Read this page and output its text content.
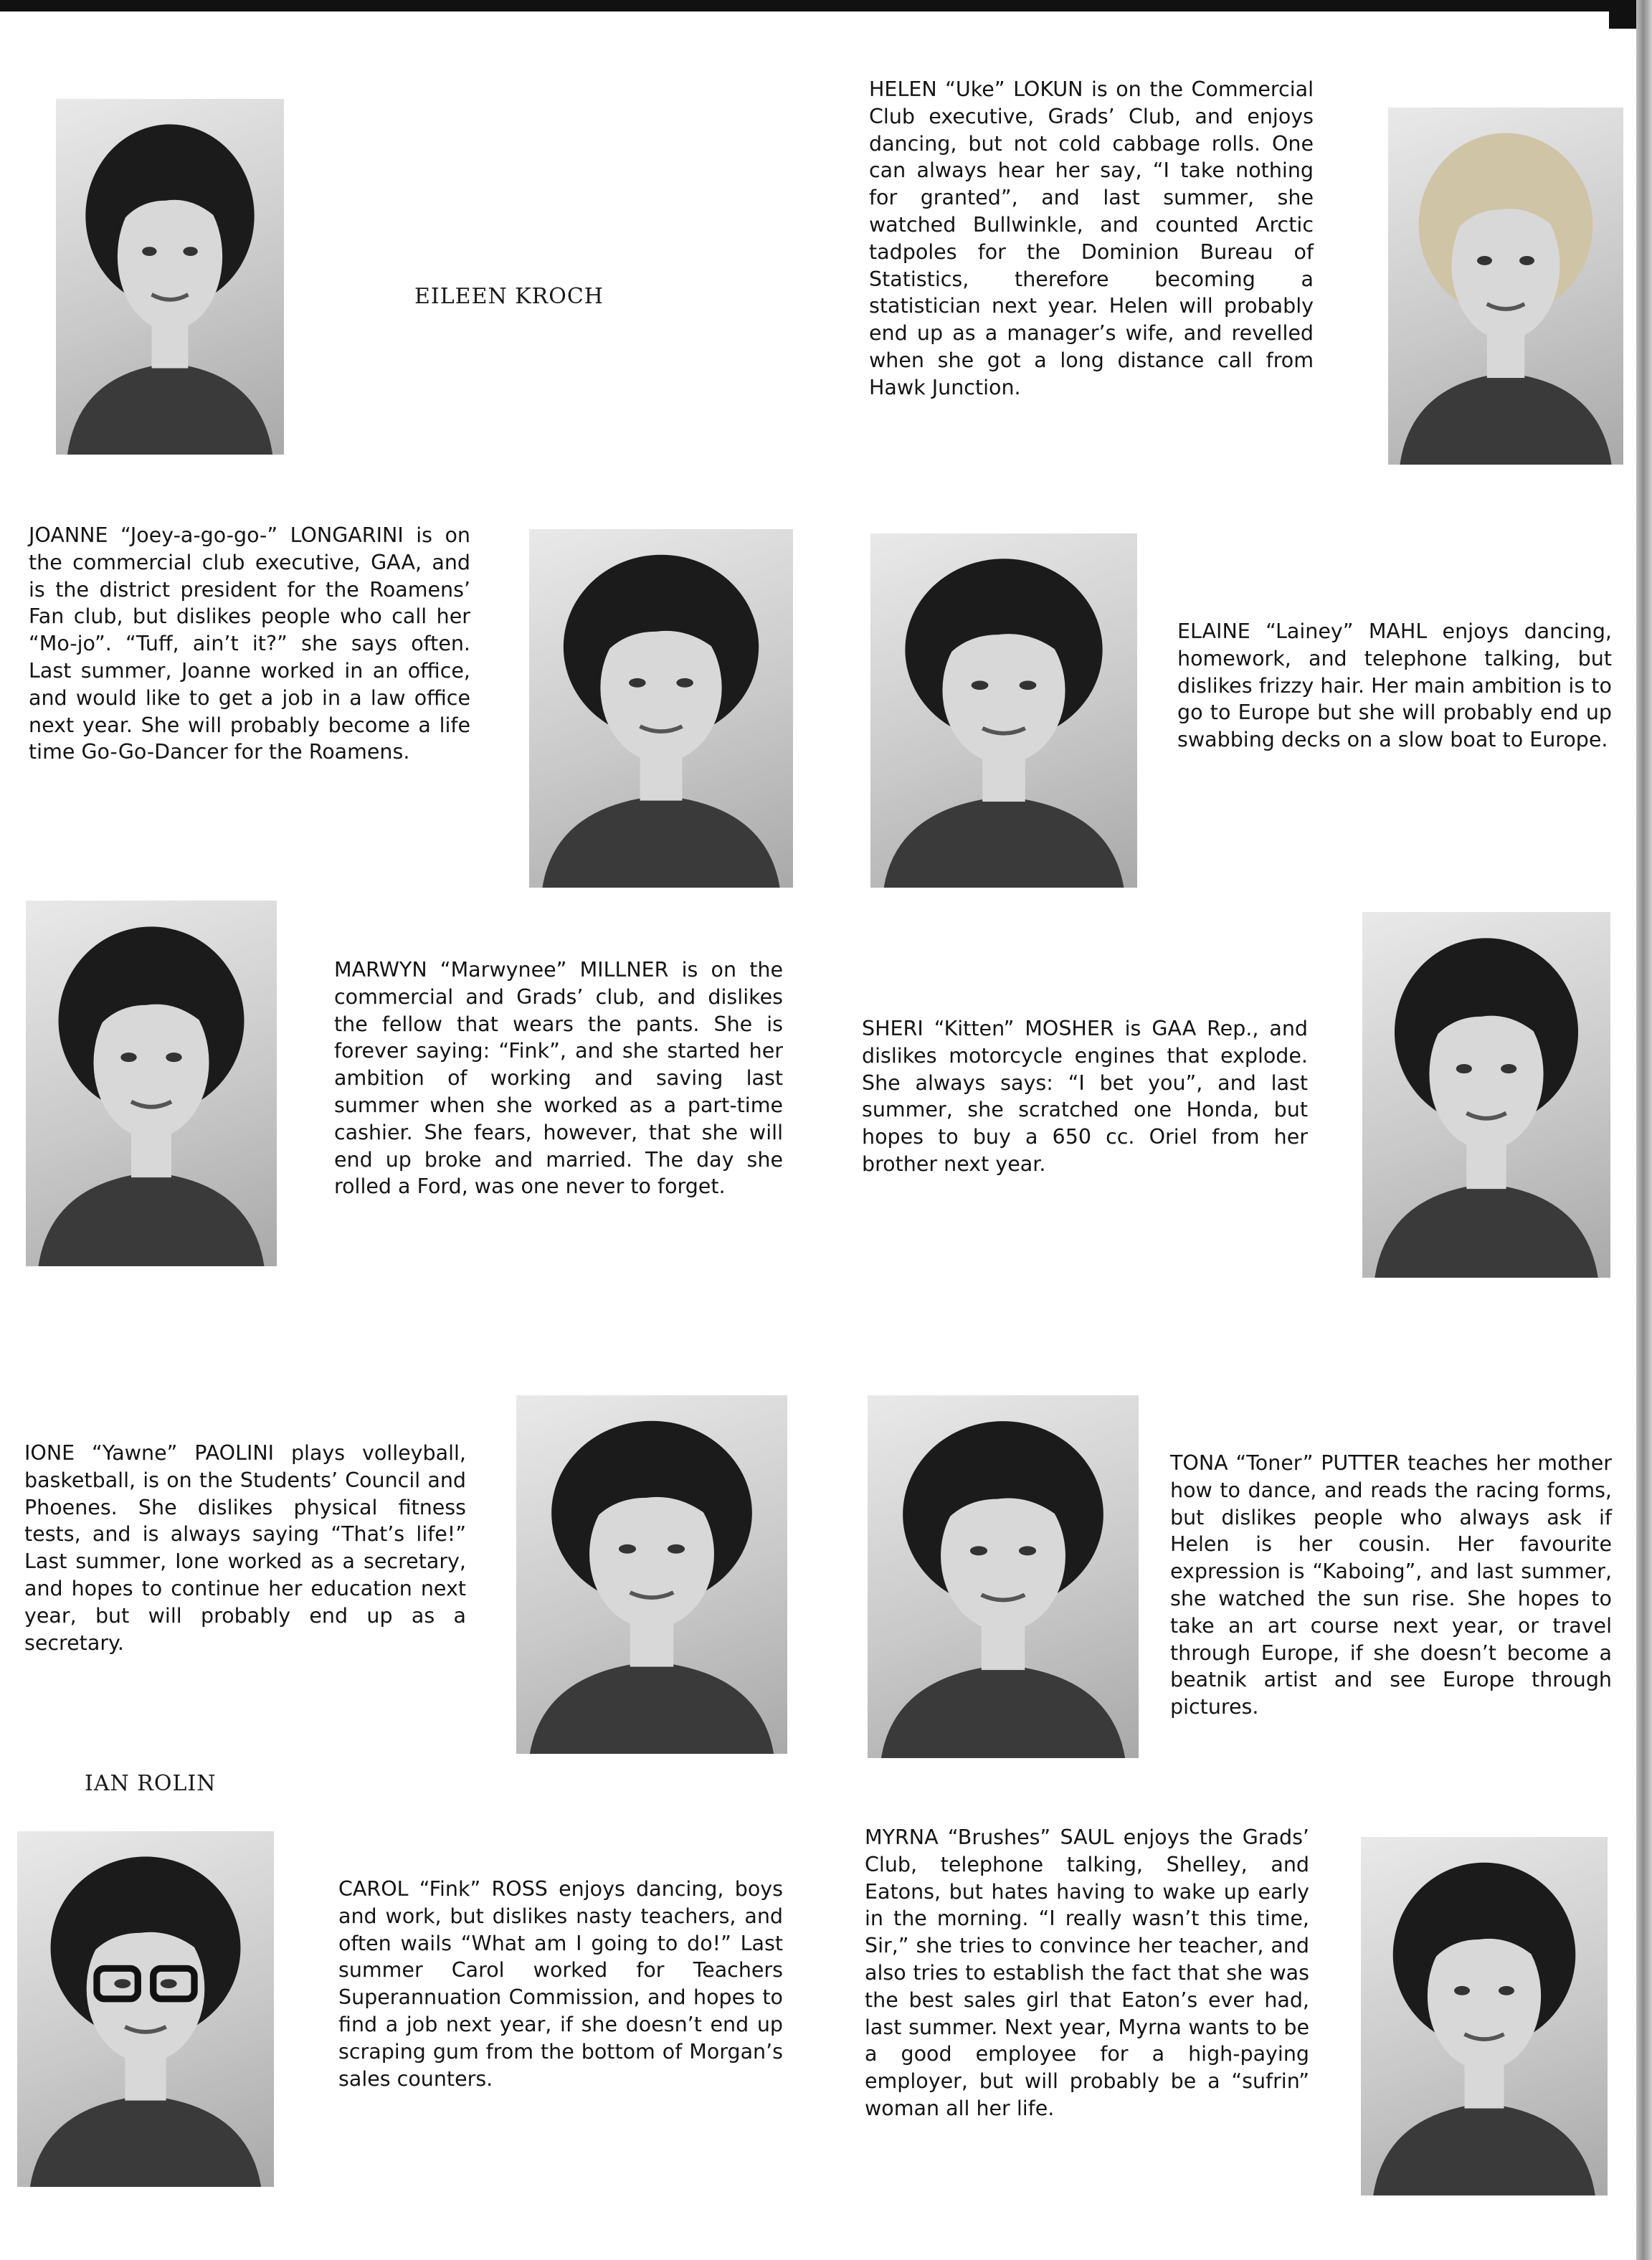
EILEEN KROCH
HELEN “Uke” LOKUN is on the Commercial Club executive, Grads’ Club, and enjoys dancing, but not cold cabbage rolls. One can always hear her say, “I take nothing for granted”, and last summer, she watched Bullwinkle, and counted Arctic tadpoles for the Dominion Bureau of Statistics, therefore becoming a statistician next year. Helen will probably end up as a manager’s wife, and revelled when she got a long distance call from Hawk Junction.
JOANNE “Joey-a-go-go-” LONGARINI is on the commercial club executive, GAA, and is the district president for the Roamens’ Fan club, but dislikes people who call her “Mo-jo”. “Tuff, ain’t it?” she says often. Last summer, Joanne worked in an office, and would like to get a job in a law office next year. She will probably become a life time Go-Go-Dancer for the Roamens.
ELAINE “Lainey” MAHL enjoys dancing, homework, and telephone talking, but dislikes frizzy hair. Her main ambition is to go to Europe but she will probably end up swabbing decks on a slow boat to Europe.
MARWYN “Marwynee” MILLNER is on the commercial and Grads’ club, and dislikes the fellow that wears the pants. She is forever saying: “Fink”, and she started her ambition of working and saving last summer when she worked as a part-time cashier. She fears, however, that she will end up broke and married. The day she rolled a Ford, was one never to forget.
SHERI “Kitten” MOSHER is GAA Rep., and dislikes motorcycle engines that explode. She always says: “I bet you”, and last summer, she scratched one Honda, but hopes to buy a 650 cc. Oriel from her brother next year.
IONE “Yawne” PAOLINI plays volleyball, basketball, is on the Students’ Council and Phoenes. She dislikes physical fitness tests, and is always saying “That’s life!” Last summer, Ione worked as a secretary, and hopes to continue her education next year, but will probably end up as a secretary.
TONA “Toner” PUTTER teaches her mother how to dance, and reads the racing forms, but dislikes people who always ask if Helen is her cousin. Her favourite expression is “Kaboing”, and last summer, she watched the sun rise. She hopes to take an art course next year, or travel through Europe, if she doesn’t become a beatnik artist and see Europe through pictures.
IAN ROLIN
CAROL “Fink” ROSS enjoys dancing, boys and work, but dislikes nasty teachers, and often wails “What am I going to do!” Last summer Carol worked for Teachers Superannuation Commission, and hopes to find a job next year, if she doesn’t end up scraping gum from the bottom of Morgan’s sales counters.
MYRNA “Brushes” SAUL enjoys the Grads’ Club, telephone talking, Shelley, and Eatons, but hates having to wake up early in the morning. “I really wasn’t this time, Sir,” she tries to convince her teacher, and also tries to establish the fact that she was the best sales girl that Eaton’s ever had, last summer. Next year, Myrna wants to be a good employee for a high-paying employer, but will probably be a “sufrin” woman all her life.
